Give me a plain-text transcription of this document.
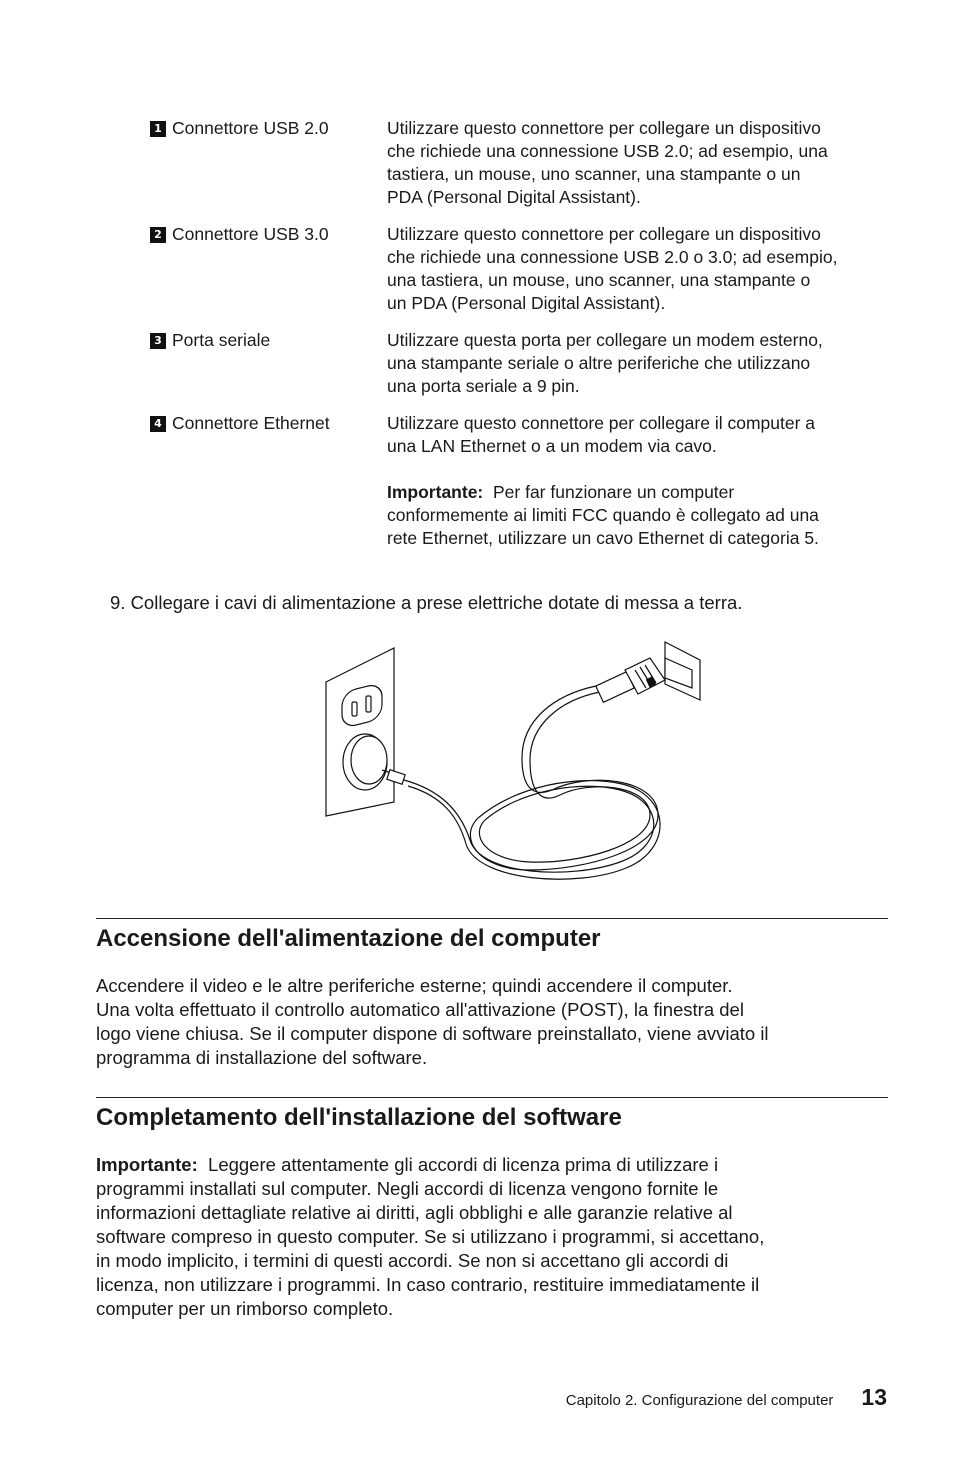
1 Connettore USB 2.0	Utilizzare questo connettore per collegare un dispositivo
che richiede una connessione USB 2.0; ad esempio, una
tastiera, un mouse, uno scanner, una stampante o un
PDA (Personal Digital Assistant).
2 Connettore USB 3.0	Utilizzare questo connettore per collegare un dispositivo
che richiede una connessione USB 2.0 o 3.0; ad esempio,
una tastiera, un mouse, uno scanner, una stampante o
un PDA (Personal Digital Assistant).
3 Porta seriale	Utilizzare questa porta per collegare un modem esterno,
una stampante seriale o altre periferiche che utilizzano
una porta seriale a 9 pin.
4 Connettore Ethernet	Utilizzare questo connettore per collegare il computer a
una LAN Ethernet o a un modem via cavo.
Importante: Per far funzionare un computer
conformemente ai limiti FCC quando è collegato ad una
rete Ethernet, utilizzare un cavo Ethernet di categoria 5.
9. Collegare i cavi di alimentazione a prese elettriche dotate di messa a terra.
Accensione dell'alimentazione del computer
Accendere il video e le altre periferiche esterne; quindi accendere il computer.
Una volta effettuato il controllo automatico all'attivazione (POST), la finestra del
logo viene chiusa. Se il computer dispone di software preinstallato, viene avviato il
programma di installazione del software.
Completamento dell'installazione del software
Importante: Leggere attentamente gli accordi di licenza prima di utilizzare i
programmi installati sul computer. Negli accordi di licenza vengono fornite le
informazioni dettagliate relative ai diritti, agli obblighi e alle garanzie relative al
software compreso in questo computer. Se si utilizzano i programmi, si accettano,
in modo implicito, i termini di questi accordi. Se non si accettano gli accordi di
licenza, non utilizzare i programmi. In caso contrario, restituire immediatamente il
computer per un rimborso completo.
Capitolo 2. Configurazione del computer 13
